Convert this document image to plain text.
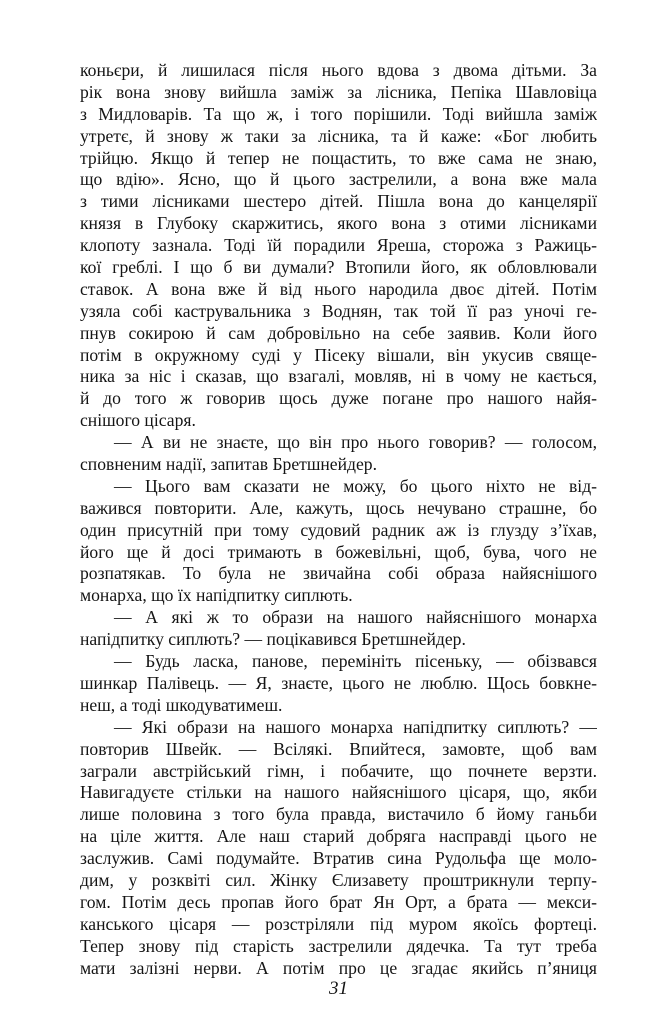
коньєри, й лишилася після нього вдова з двома дітьми. За
рік вона знову вийшла заміж за лісника, Пепіка Шавловіца
з Мидловарів. Та що ж, і того порішили. Тоді вийшла заміж
утретє, й знову ж таки за лісника, та й каже: «Бог любить
трійцю. Якщо й тепер не пощастить, то вже сама не знаю,
що вдію». Ясно, що й цього застрелили, а вона вже мала
з тими лісниками шестеро дітей. Пішла вона до канцелярії
князя в Глубоку скаржитись, якого вона з отими лісниками
клопоту зазнала. Тоді їй порадили Яреша, сторожа з Ражиць-
кої греблі. І що б ви думали? Втопили його, як обловлювали
ставок. А вона вже й від нього народила двоє дітей. Потім
узяла собі каструвальника з Воднян, так той її раз уночі ге-
пнув сокирою й сам добровільно на себе заявив. Коли його
потім в окружному суді у Пісеку вішали, він укусив свяще-
ника за ніс і сказав, що взагалі, мовляв, ні в чому не кається,
й до того ж говорив щось дуже погане про нашого найя-
снішого цісаря.
— А ви не знаєте, що він про нього говорив? — голосом,
сповненим надії, запитав Бретшнейдер.
— Цього вам сказати не можу, бо цього ніхто не від-
важився повторити. Але, кажуть, щось нечувано страшне, бо
один присутній при тому судовий радник аж із глузду з’їхав,
його ще й досі тримають в божевільні, щоб, бува, чого не
розпатякав. То була не звичайна собі образа найяснішого
монарха, що їх напідпитку сиплють.
— А які ж то образи на нашого найяснішого монарха
напідпитку сиплють? — поцікавився Бретшнейдер.
— Будь ласка, панове, перемініть пісеньку, — обізвався
шинкар Палівець. — Я, знаєте, цього не люблю. Щось бовкне-
неш, а тоді шкодуватимеш.
— Які образи на нашого монарха напідпитку сиплють? —
повторив Швейк. — Всілякі. Впийтеся, замовте, щоб вам
заграли австрійський гімн, і побачите, що почнете верзти.
Навигадуєте стільки на нашого найяснішого цісаря, що, якби
лише половина з того була правда, вистачило б йому ганьби
на ціле життя. Але наш старий добряга насправді цього не
заслужив. Самі подумайте. Втратив сина Рудольфа ще моло-
дим, у розквіті сил. Жінку Єлизавету проштрикнули терпу-
гом. Потім десь пропав його брат Ян Орт, а брата — мекси-
канського цісаря — розстріляли під муром якоїсь фортеці.
Тепер знову під старість застрелили дядечка. Та тут треба
мати залізні нерви. А потім про це згадає якийсь п’яниця
31
